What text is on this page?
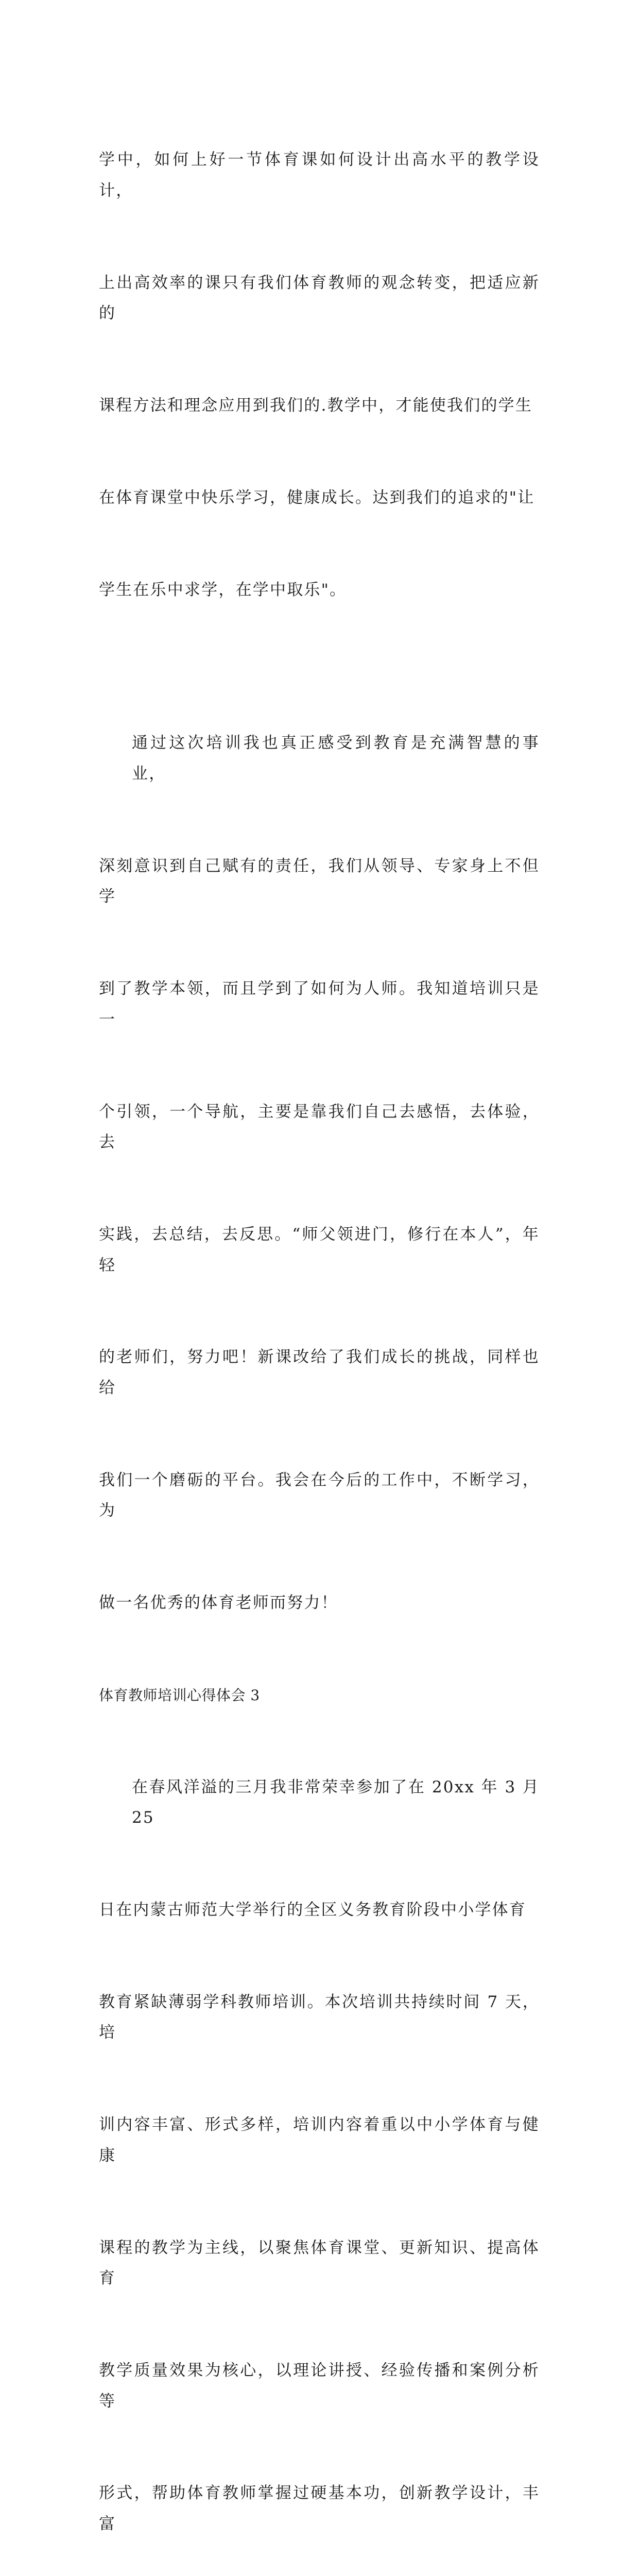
学中，如何上好一节体育课如何设计出高水平的教学设计，

上出高效率的课只有我们体育教师的观念转变，把适应新的

课程方法和理念应用到我们的.教学中，才能使我们的学生

在体育课堂中快乐学习，健康成长。达到我们的追求的"让

学生在乐中求学，在学中取乐"。

通过这次培训我也真正感受到教育是充满智慧的事业，

深刻意识到自己赋有的责任，我们从领导、专家身上不但学

到了教学本领，而且学到了如何为人师。我知道培训只是一

个引领，一个导航，主要是靠我们自己去感悟，去体验，去

实践，去总结，去反思。“师父领进门，修行在本人”，年轻

的老师们，努力吧！新课改给了我们成长的挑战，同样也给

我们一个磨砺的平台。我会在今后的工作中，不断学习，为

做一名优秀的体育老师而努力！

体育教师培训心得体会 3

在春风洋溢的三月我非常荣幸参加了在 20xx 年 3 月 25

日在内蒙古师范大学举行的全区义务教育阶段中小学体育

教育紧缺薄弱学科教师培训。本次培训共持续时间 7 天，培

训内容丰富、形式多样，培训内容着重以中小学体育与健康

课程的教学为主线，以聚焦体育课堂、更新知识、提高体育

教学质量效果为核心，以理论讲授、经验传播和案例分析等

形式，帮助体育教师掌握过硬基本功，创新教学设计，丰富
